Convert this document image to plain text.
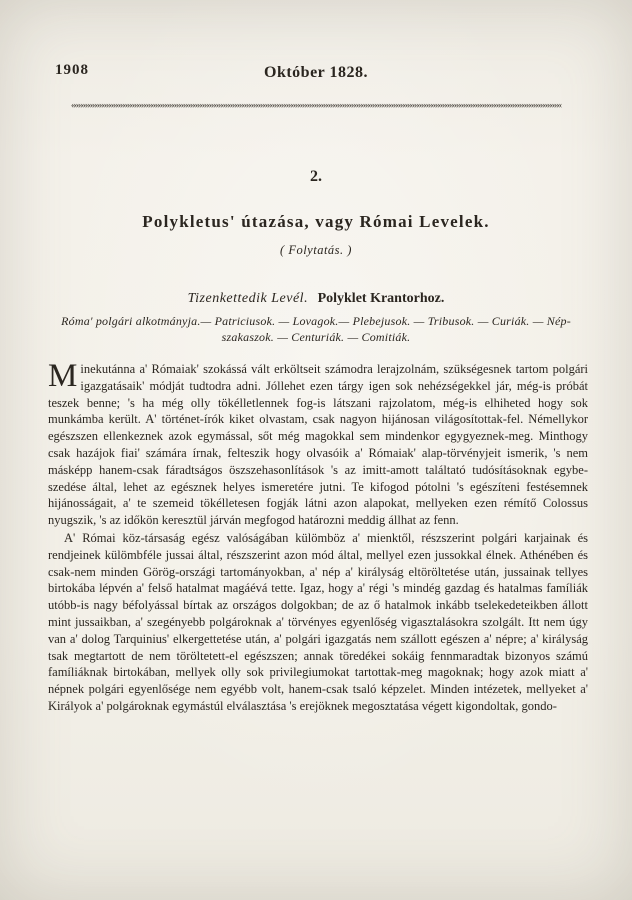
1908	Október 1828.
««««««««««««««««««««««««««««««««««««««««««««««««««««««««««««««««««««««««««««««««««««««««««««««««««««««««««««««««««««««««««««««««««««««««««««
2.
Polykletus' útazása, vagy Római Levelek.
( Folytatás. )
Tizenkettedik Levél. Polyklet Krantorhoz.
Róma' polgári alkotmányja.— Patriciusok. — Lovagok.— Plebejusok. — Tribusok. — Curiák. — Nép-szakaszok. — Centuriák. — Comitiák.

Minekutánna a' Rómaiak' szokássá vált erköltseit számodra lerajzolnám, szükségesnek tartom polgári igazgatásaik' módját tudtodra adni. Jóllehet ezen tárgy igen sok nehézségekkel jár, még-is próbát teszek benne; 's ha még olly tökélletlennek fog-is látszani rajzolatom, még-is elhiheted hogy sok munkámba került. A' történet-írók kiket olvastam, csak nagyon hijánosan világosítottak-fel. Némellykor egészszen ellenkeznek azok egymással, sőt még magokkal sem mindenkor egygyeznek-meg. Minthogy csak hazájok fiai' számára írnak, felteszik hogy olvasóik a' Rómaiak' alap-törvényjeit ismerik, 's nem másképp hanem-csak fáradtságos öszszehasonlítások 's az imitt-amott találtató tudósításoknak egybe-szedése által, lehet az egésznek helyes ismeretére jutni. Te kifogod pótolni 's egészíteni festésemnek hijánosságait, a' te szemeid tökélletesen fogják látni azon alapokat, mellyeken ezen rémítő Colossus nyugszik, 's az időkön keresztül járván megfogod határozni meddig állhat az fenn.

A' Római köz-társaság egész valóságában külömböz a' mienktől, részszerint polgári karjainak és rendjeinek külömbféle jussai által, részszerint azon mód által, mellyel ezen jussokkal élnek. Athénében és csak-nem minden Görög-országi tartományokban, a' nép a' királyság eltöröltetése után, jussainak tellyes birtokába lépvén a' felső hatalmat magáévá tette. Igaz, hogy a' régi 's mindég gazdag és hatalmas famíliák utóbb-is nagy béfolyással bírtak az országos dolgokban; de az ő hatalmok inkább tselekedeteikben állott mint jussaikban, a' szegényebb polgároknak a' törvényes egyenlőség vigasztalásokra szolgált. Itt nem úgy van a' dolog Tarquinius' elkergettetése után, a' polgári igazgatás nem szállott egészen a' népre; a' királyság tsak megtartott de nem töröltetett-el egészszen; annak töredékei sokáig fennmaradtak bizonyos számú famíliáknak birtokában, mellyek olly sok privilegiumokat tartottak-meg magoknak; hogy azok miatt a' népnek polgári egyenlősége nem egyébb volt, hanem-csak tsaló képzelet. Minden intézetek, mellyeket a' Királyok a' polgároknak egymástúl elválasztása 's erejöknek megosztatása végett kigondoltak, gondo-
